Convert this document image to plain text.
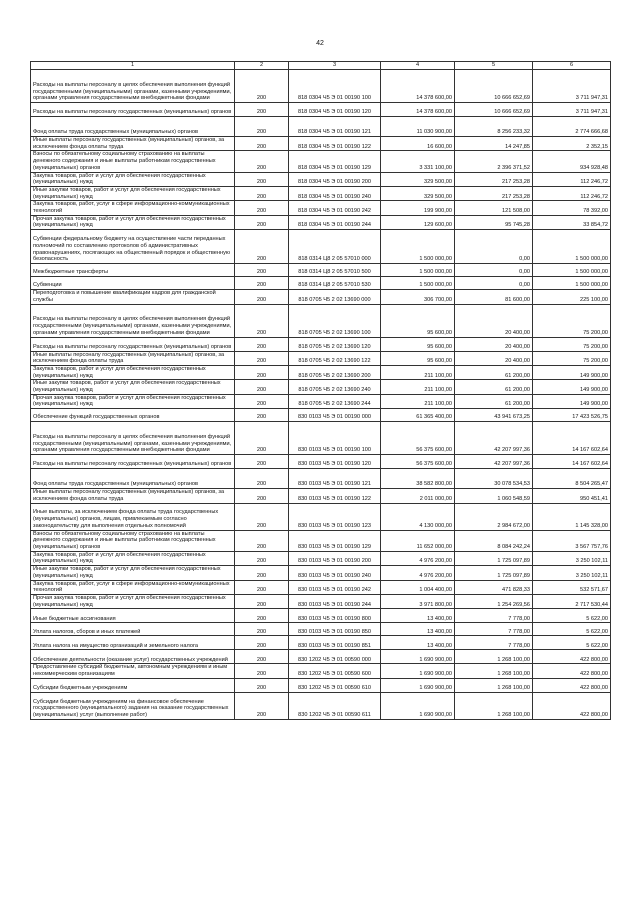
42
1	2	3	4	5	6
Расходы на выплаты персоналу в целях обеспечения выполнения функций государственными (муниципальными) органами, казенными учреждениями, органами управления государственными внебюджетными фондами	200	818 0304 Ч5 Э 01 00190 100	14 378 600,00	10 666 652,69	3 711 947,31
Расходы на выплаты персоналу государственных (муниципальных) органов	200	818 0304 Ч5 Э 01 00190 120	14 378 600,00	10 666 652,69	3 711 947,31
Фонд оплаты труда государственных (муниципальных) органов	200	818 0304 Ч5 Э 01 00190 121	11 030 900,00	8 256 233,32	2 774 666,68
Иные выплаты персоналу государственных (муниципальных) органов, за исключением фонда оплаты труда	200	818 0304 Ч5 Э 01 00190 122	16 600,00	14 247,85	2 352,15
Взносы по обязательному социальному страхованию на выплаты денежного содержания и иные выплаты работникам государственных (муниципальных) органов	200	818 0304 Ч5 Э 01 00190 129	3 331 100,00	2 396 371,52	934 928,48
Закупка товаров, работ и услуг для обеспечения государственных (муниципальных) нужд	200	818 0304 Ч5 Э 01 00190 200	329 500,00	217 253,28	112 246,72
Иные закупки товаров, работ и услуг для обеспечения государственных (муниципальных) нужд	200	818 0304 Ч5 Э 01 00190 240	329 500,00	217 253,28	112 246,72
Закупка товаров, работ, услуг в сфере информационно-коммуникационных технологий	200	818 0304 Ч5 Э 01 00190 242	199 900,00	121 508,00	78 392,00
Прочая закупка товаров, работ и услуг для обеспечения государственных (муниципальных) нужд	200	818 0304 Ч5 Э 01 00190 244	129 600,00	95 745,28	33 854,72
Субвенции федеральному бюджету на осуществление части переданных полномочий по составлению протоколов об административных правонарушениях, посягающих на общественный порядок и общественную безопасность	200	818 0314 Ц8 2 05 57010 000	1 500 000,00	0,00	1 500 000,00
Межбюджетные трансферты	200	818 0314 Ц8 2 05 57010 500	1 500 000,00	0,00	1 500 000,00
Субвенции	200	818 0314 Ц8 2 05 57010 530	1 500 000,00	0,00	1 500 000,00
Переподготовка и повышение квалификации кадров для гражданской службы	200	818 0705 Ч5 2 02 13690 000	306 700,00	81 600,00	225 100,00
Расходы на выплаты персоналу в целях обеспечения выполнения функций государственными (муниципальными) органами, казенными учреждениями, органами управления государственными внебюджетными фондами	200	818 0705 Ч5 2 02 13690 100	95 600,00	20 400,00	75 200,00
Расходы на выплаты персоналу государственных (муниципальных) органов	200	818 0705 Ч5 2 02 13690 120	95 600,00	20 400,00	75 200,00
Иные выплаты персоналу государственных (муниципальных) органов, за исключением фонда оплаты труда	200	818 0705 Ч5 2 02 13690 122	95 600,00	20 400,00	75 200,00
Закупка товаров, работ и услуг для обеспечения государственных (муниципальных) нужд	200	818 0705 Ч5 2 02 13690 200	211 100,00	61 200,00	149 900,00
Иные закупки товаров, работ и услуг для обеспечения государственных (муниципальных) нужд	200	818 0705 Ч5 2 02 13690 240	211 100,00	61 200,00	149 900,00
Прочая закупка товаров, работ и услуг для обеспечения государственных (муниципальных) нужд	200	818 0705 Ч5 2 02 13690 244	211 100,00	61 200,00	149 900,00
Обеспечение функций государственных органов	200	830 0103 Ч5 Э 01 00190 000	61 365 400,00	43 941 673,25	17 423 526,75
Расходы на выплаты персоналу в целях обеспечения выполнения функций государственными (муниципальными) органами, казенными учреждениями, органами управления государственными внебюджетными фондами	200	830 0103 Ч5 Э 01 00190 100	56 375 600,00	42 207 997,36	14 167 602,64
Расходы на выплаты персоналу государственных (муниципальных) органов	200	830 0103 Ч5 Э 01 00190 120	56 375 600,00	42 207 997,36	14 167 602,64
Фонд оплаты труда государственных (муниципальных) органов	200	830 0103 Ч5 Э 01 00190 121	38 582 800,00	30 078 534,53	8 504 265,47
Иные выплаты персоналу государственных (муниципальных) органов, за исключением фонда оплаты труда	200	830 0103 Ч5 Э 01 00190 122	2 011 000,00	1 060 548,59	950 451,41
Иные выплаты, за исключением фонда оплаты труда государственных (муниципальных) органов, лицам, привлекаемым согласно законодательству для выполнения отдельных полномочий	200	830 0103 Ч5 Э 01 00190 123	4 130 000,00	2 984 672,00	1 145 328,00
Взносы по обязательному социальному страхованию на выплаты денежного содержания и иные выплаты работникам государственных (муниципальных) органов	200	830 0103 Ч5 Э 01 00190 129	11 652 000,00	8 084 242,24	3 567 757,76
Закупка товаров, работ и услуг для обеспечения государственных (муниципальных) нужд	200	830 0103 Ч5 Э 01 00190 200	4 976 200,00	1 725 097,89	3 250 102,11
Иные закупки товаров, работ и услуг для обеспечения государственных (муниципальных) нужд	200	830 0103 Ч5 Э 01 00190 240	4 976 200,00	1 725 097,89	3 250 102,11
Закупка товаров, работ, услуг в сфере информационно-коммуникационных технологий	200	830 0103 Ч5 Э 01 00190 242	1 004 400,00	471 828,33	532 571,67
Прочая закупка товаров, работ и услуг для обеспечения государственных (муниципальных) нужд	200	830 0103 Ч5 Э 01 00190 244	3 971 800,00	1 254 269,56	2 717 530,44
Иные бюджетные ассигнования	200	830 0103 Ч5 Э 01 00190 800	13 400,00	7 778,00	5 622,00
Уплата налогов, сборов и иных платежей	200	830 0103 Ч5 Э 01 00190 850	13 400,00	7 778,00	5 622,00
Уплата налога на имущество организаций и земельного налога	200	830 0103 Ч5 Э 01 00190 851	13 400,00	7 778,00	5 622,00
Обеспечение деятельности (оказание услуг) государственных учреждений	200	830 1202 Ч5 Э 01 00590 000	1 690 900,00	1 268 100,00	422 800,00
Предоставление субсидий бюджетным, автономным учреждениям и иным некоммерческим организациям	200	830 1202 Ч5 Э 01 00590 600	1 690 900,00	1 268 100,00	422 800,00
Субсидии бюджетным учреждениям	200	830 1202 Ч5 Э 01 00590 610	1 690 900,00	1 268 100,00	422 800,00
Субсидии бюджетным учреждениям на финансовое обеспечение государственного (муниципального) задания на оказание государственных (муниципальных) услуг (выполнение работ)	200	830 1202 Ч5 Э 01 00590 611	1 690 900,00	1 268 100,00	422 800,00
